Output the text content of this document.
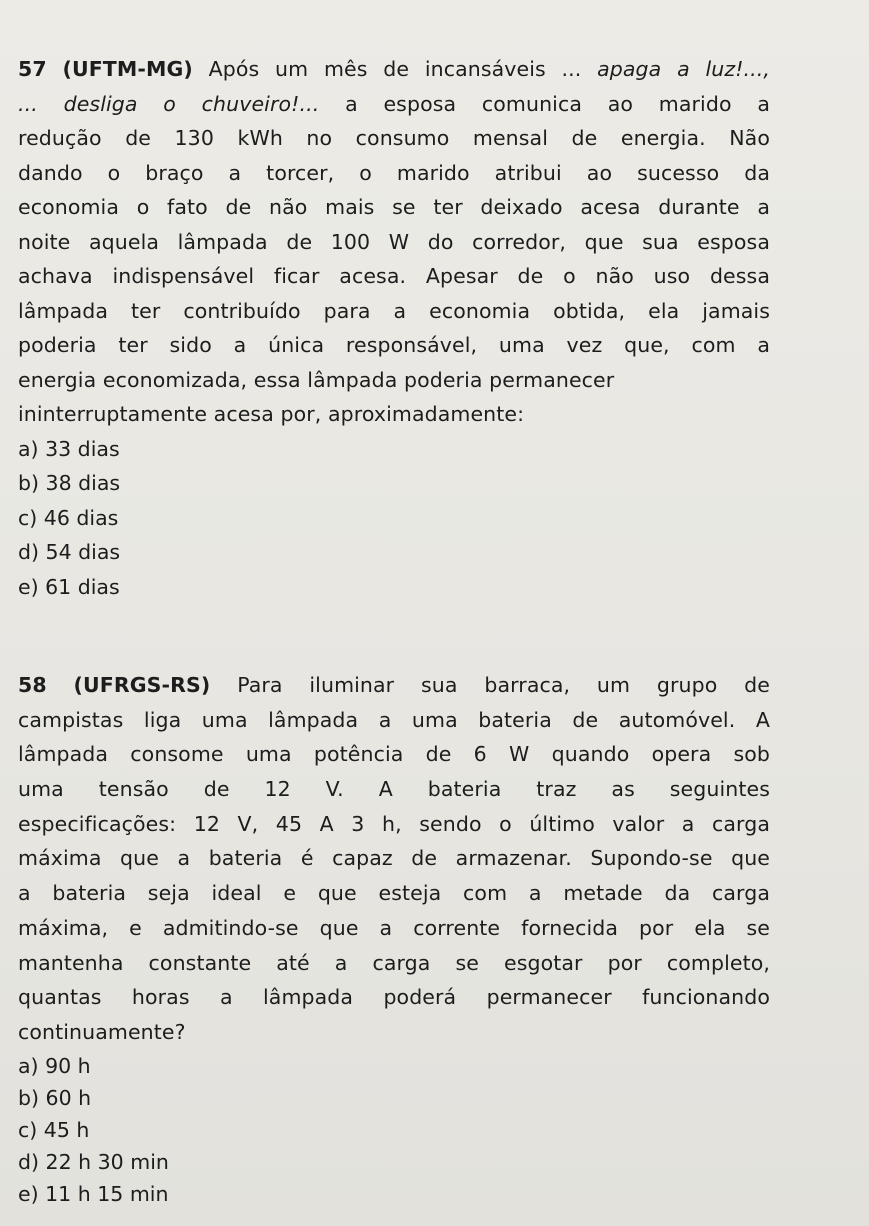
57 (UFTM-MG) Após um mês de incansáveis ... apaga a luz!...,
... desliga o chuveiro!... a esposa comunica ao marido a
redução de 130 kWh no consumo mensal de energia. Não
dando o braço a torcer, o marido atribui ao sucesso da
economia o fato de não mais se ter deixado acesa durante a
noite aquela lâmpada de 100 W do corredor, que sua esposa
achava indispensável ficar acesa. Apesar de o não uso dessa
lâmpada ter contribuído para a economia obtida, ela jamais
poderia ter sido a única responsável, uma vez que, com a
energia economizada, essa lâmpada poderia permanecer
ininterruptamente acesa por, aproximadamente:
a) 33 dias
b) 38 dias
c) 46 dias
d) 54 dias
e) 61 dias
58 (UFRGS-RS) Para iluminar sua barraca, um grupo de
campistas liga uma lâmpada a uma bateria de automóvel. A
lâmpada consome uma potência de 6 W quando opera sob
uma tensão de 12 V. A bateria traz as seguintes
especificações: 12 V, 45 A 3 h, sendo o último valor a carga
máxima que a bateria é capaz de armazenar. Supondo-se que
a bateria seja ideal e que esteja com a metade da carga
máxima, e admitindo-se que a corrente fornecida por ela se
mantenha constante até a carga se esgotar por completo,
quantas horas a lâmpada poderá permanecer funcionando
continuamente?
a) 90 h
b) 60 h
c) 45 h
d) 22 h 30 min
e) 11 h 15 min
